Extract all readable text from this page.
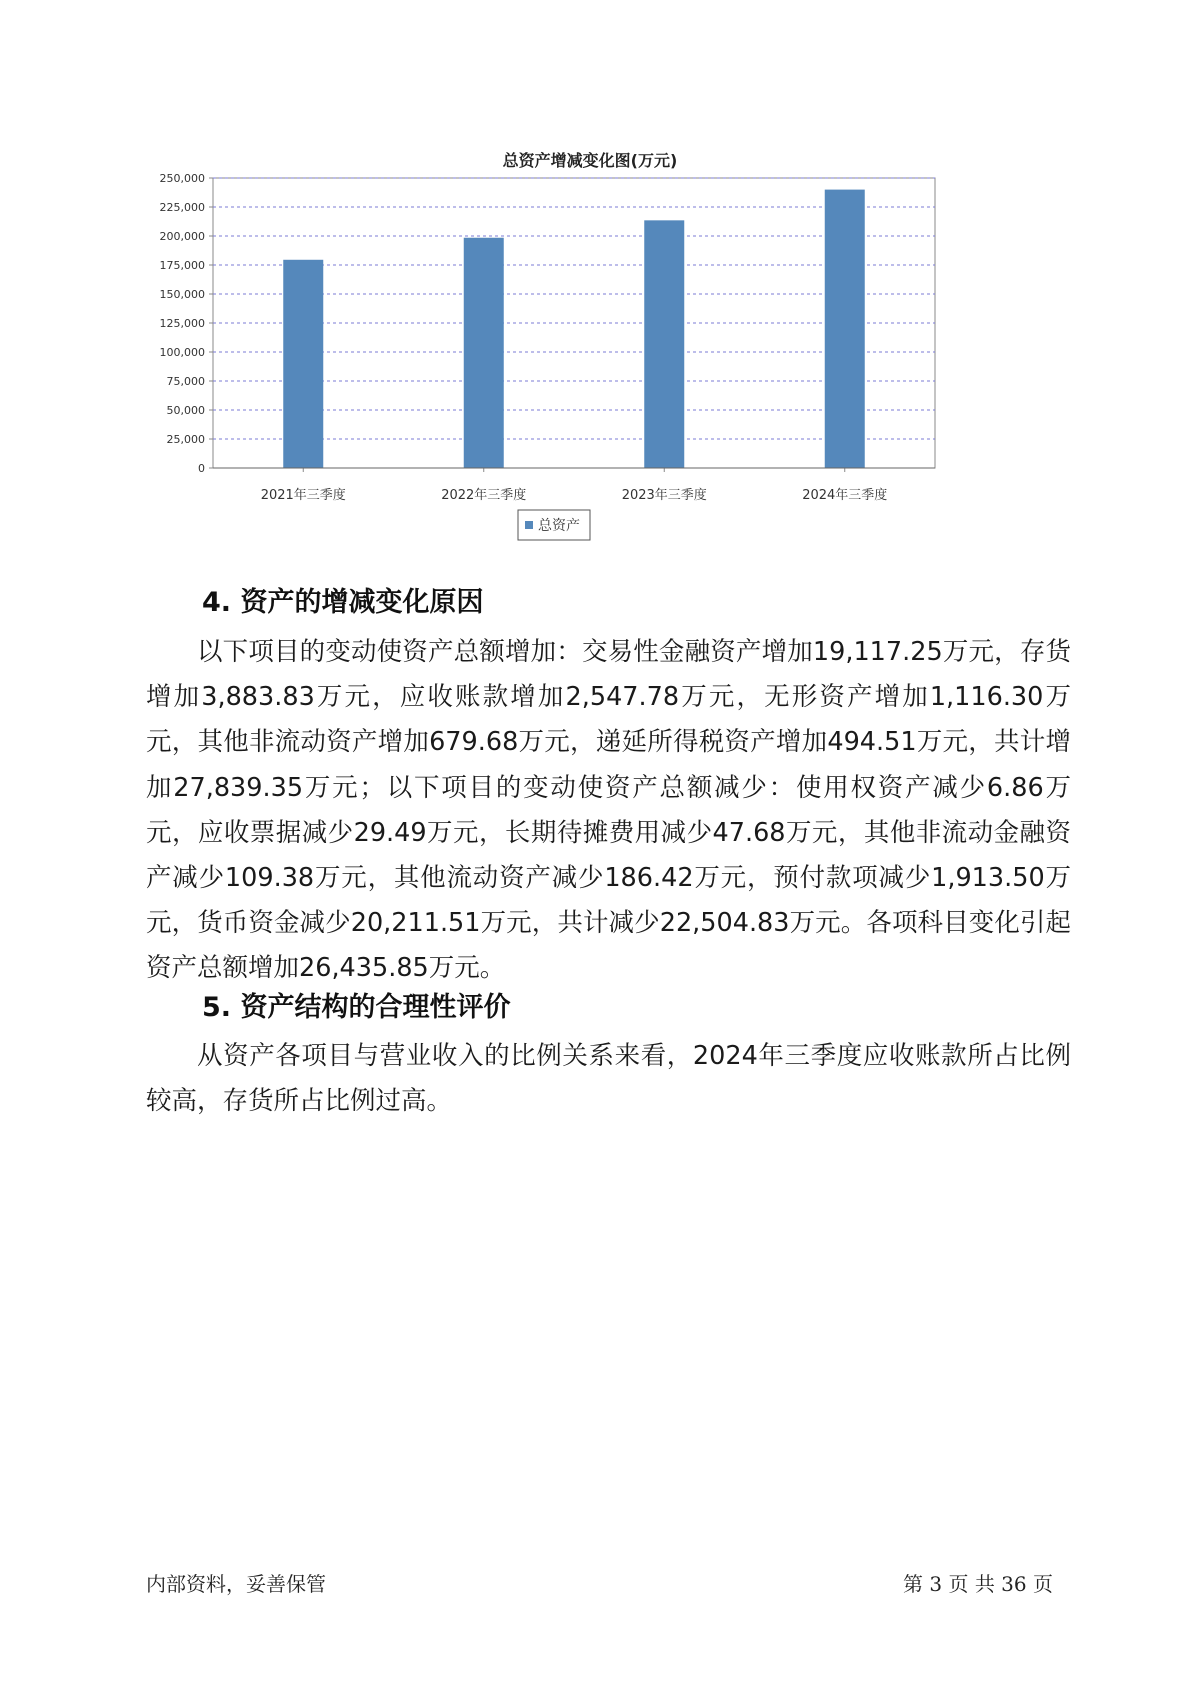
总资产增减变化图(万元)
0
25,000
50,000
75,000
100,000
125,000
150,000
175,000
200,000
225,000
250,000
2021年三季度	2022年三季度	2023年三季度	2024年三季度
总资产
4. 资产的增减变化原因

以下项目的变动使资产总额增加：交易性金融资产增加19,117.25万元，存货增加3,883.83万元，应收账款增加2,547.78万元，无形资产增加1,116.30万元，其他非流动资产增加679.68万元，递延所得税资产增加494.51万元，共计增加27,839.35万元；以下项目的变动使资产总额减少：使用权资产减少6.86万元，应收票据减少29.49万元，长期待摊费用减少47.68万元，其他非流动金融资产减少109.38万元，其他流动资产减少186.42万元，预付款项减少1,913.50万元，货币资金减少20,211.51万元，共计减少22,504.83万元。各项科目变化引起资产总额增加26,435.85万元。

5. 资产结构的合理性评价

从资产各项目与营业收入的比例关系来看，2024年三季度应收账款所占比例较高，存货所占比例过高。

内部资料，妥善保管	第 3 页 共 36 页
